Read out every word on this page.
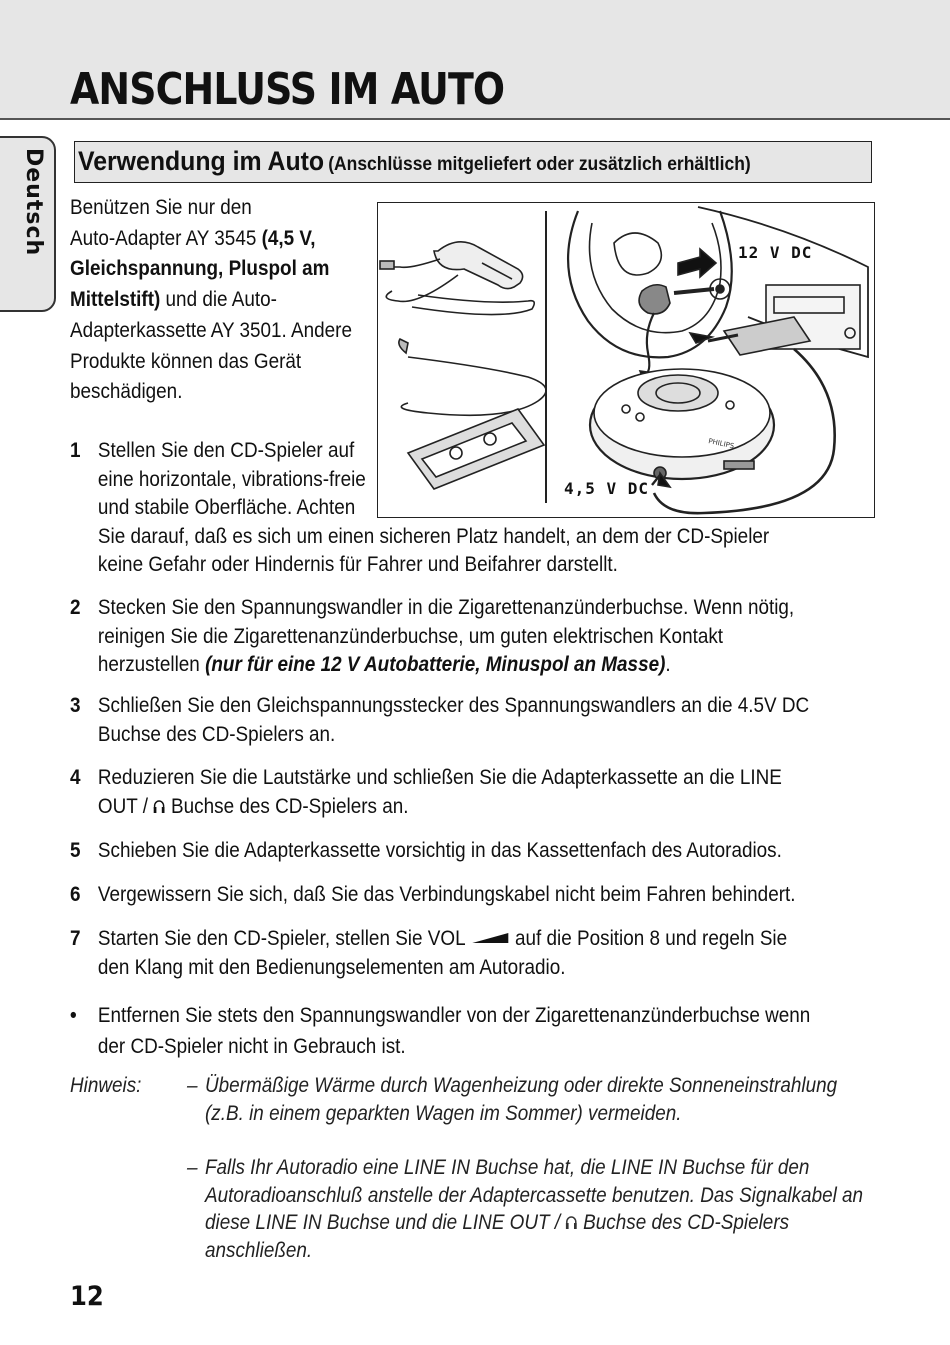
ANSCHLUSS IM AUTO
Deutsch Verwendung im Auto (Anschlüsse mitgeliefert oder zusätzlich erhältlich)
Benützen Sie nur den
Auto-Adapter AY 3545 (4,5 V,
Gleichspannung, Pluspol am
Mittelstift) und die Auto-
Adapterkassette AY 3501. Andere
Produkte können das Gerät
beschädigen.
PHILIPS
12 V DC
4,5 V DC
1 Stellen Sie den CD-Spieler auf
eine horizontale, vibrations-freie
und stabile Oberfläche. Achten
Sie darauf, daß es sich um einen sicheren Platz handelt, an dem der CD-Spieler keine Gefahr oder Hindernis für Fahrer und Beifahrer darstellt.
2 Stecken Sie den Spannungswandler in die Zigarettenanzünderbuchse. Wenn nötig, reinigen Sie die Zigarettenanzünderbuchse, um guten elektrischen Kontakt herzustellen (nur für eine 12 V Autobatterie, Minuspol an Masse).
3 Schließen Sie den Gleichspannungsstecker des Spannungswandlers an die 4.5V DC Buchse des CD-Spielers an.
4 Reduzieren Sie die Lautstärke und schließen Sie die Adapterkassette an die LINE OUT /  Buchse des CD-Spielers an.
5 Schieben Sie die Adapterkassette vorsichtig in das Kassettenfach des Autoradios.
6 Vergewissern Sie sich, daß Sie das Verbindungskabel nicht beim Fahren behindert.
7 Starten Sie den CD-Spieler, stellen Sie VOL  auf die Position 8 und regeln Sie den Klang mit den Bedienungselementen am Autoradio.
•	Entfernen Sie stets den Spannungswandler von der Zigarettenanzünderbuchse wenn der CD-Spieler nicht in Gebrauch ist.
Hinweis: – Übermäßige Wärme durch Wagenheizung oder direkte Sonneneinstrahlung (z.B. in einem geparkten Wagen im Sommer) vermeiden.
– Falls Ihr Autoradio eine LINE IN Buchse hat, die LINE IN Buchse für den Autoradioanschluß anstelle der Adaptercassette benutzen. Das Signalkabel an diese LINE IN Buchse und die LINE OUT /  Buchse des CD-Spielers anschließen.
12
